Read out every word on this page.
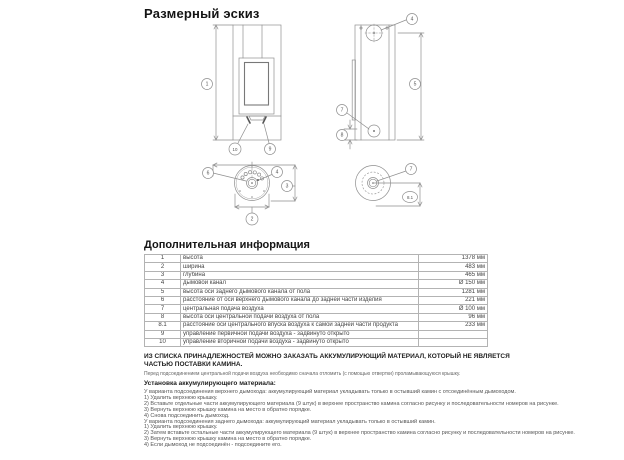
Размерный эскиз
1
10	9
4
5
7
8
6	4
3
2
7
8.1
Дополнительная информация
1	высота	1378 мм
2	ширина	483 мм
3	глубина	465 мм
4	дымовой канал	Ø 150 мм
5	высота оси заднего дымового канала от пола	1281 мм
6	расстояние от оси верхнего дымового канала до задней части изделия	221 мм
7	центральная подача воздуха	Ø 100 мм
8	высота оси центральной подачи воздуха от пола	96 мм
8.1	расстояние оси центрального впуска воздуха к самой задней части продукта	233 мм
9	управление первичной подачи воздуха - задвинуто открыто	
10	управление вторичной подачи воздуха - задвинуто открыто	

ИЗ СПИСКА ПРИНАДЛЕЖНОСТЕЙ МОЖНО ЗАКАЗАТЬ АККУМУЛИРУЮЩИЙ МАТЕРИАЛ, КОТОРЫЙ НЕ ЯВЛЯЕТСЯ ЧАСТЬЮ ПОСТАВКИ КАМИНА.

Перед подсоединением центральной подачи воздуха необходимо сначала отломить (с помощью отвертки) проламывающуюся крышку.

Установка аккумулирующего материала:

У варианта подсоединения верхнего дымохода: аккумулирующий материал укладывать только в остывший камин с отсоединённым дымоходом.
1) Удалить верхнюю крышку.
2) Вставьте отдельные части аккумулирующего материала (9 штук) в верхнее пространство камина согласно рисунку и последовательности номеров на рисунке.
3) Вернуть верхнюю крышку камина на место в обратно порядке.
4) Снова подсоединить дымоход.
У варианта подсоединения заднего дымохода: аккумулирующий материал укладывать только в остывший камин.
1) Удалить верхнюю крышку.
2) Затем вставьте остальные части аккумулирующего материала (9 штук) в верхнее пространство камина согласно рисунку и последовательности номеров на рисунке.
3) Вернуть верхнюю крышку камина на место в обратно порядке.
4) Если дымоход не подсоединён - подсоедините его.
